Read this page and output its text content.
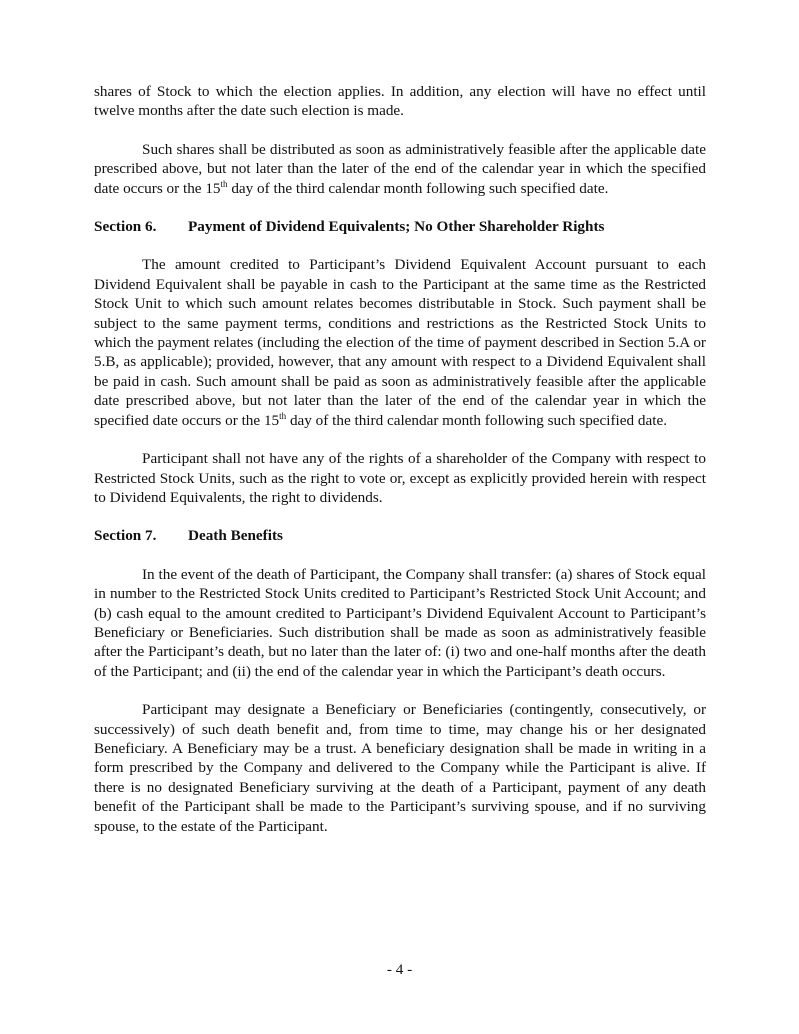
shares of Stock to which the election applies. In addition, any election will have no effect until twelve months after the date such election is made.

Such shares shall be distributed as soon as administratively feasible after the applicable date prescribed above, but not later than the later of the end of the calendar year in which the specified date occurs or the 15th day of the third calendar month following such specified date.

Section 6. Payment of Dividend Equivalents; No Other Shareholder Rights

The amount credited to Participant’s Dividend Equivalent Account pursuant to each Dividend Equivalent shall be payable in cash to the Participant at the same time as the Restricted Stock Unit to which such amount relates becomes distributable in Stock. Such payment shall be subject to the same payment terms, conditions and restrictions as the Restricted Stock Units to which the payment relates (including the election of the time of payment described in Section 5.A or 5.B, as applicable); provided, however, that any amount with respect to a Dividend Equivalent shall be paid in cash. Such amount shall be paid as soon as administratively feasible after the applicable date prescribed above, but not later than the later of the end of the calendar year in which the specified date occurs or the 15th day of the third calendar month following such specified date.

Participant shall not have any of the rights of a shareholder of the Company with respect to Restricted Stock Units, such as the right to vote or, except as explicitly provided herein with respect to Dividend Equivalents, the right to dividends.

Section 7. Death Benefits

In the event of the death of Participant, the Company shall transfer: (a) shares of Stock equal in number to the Restricted Stock Units credited to Participant’s Restricted Stock Unit Account; and (b) cash equal to the amount credited to Participant’s Dividend Equivalent Account to Participant’s Beneficiary or Beneficiaries. Such distribution shall be made as soon as administratively feasible after the Participant’s death, but no later than the later of: (i) two and one-half months after the death of the Participant; and (ii) the end of the calendar year in which the Participant’s death occurs.

Participant may designate a Beneficiary or Beneficiaries (contingently, consecutively, or successively) of such death benefit and, from time to time, may change his or her designated Beneficiary. A Beneficiary may be a trust. A beneficiary designation shall be made in writing in a form prescribed by the Company and delivered to the Company while the Participant is alive. If there is no designated Beneficiary surviving at the death of a Participant, payment of any death benefit of the Participant shall be made to the Participant’s surviving spouse, and if no surviving spouse, to the estate of the Participant.

- 4 -
